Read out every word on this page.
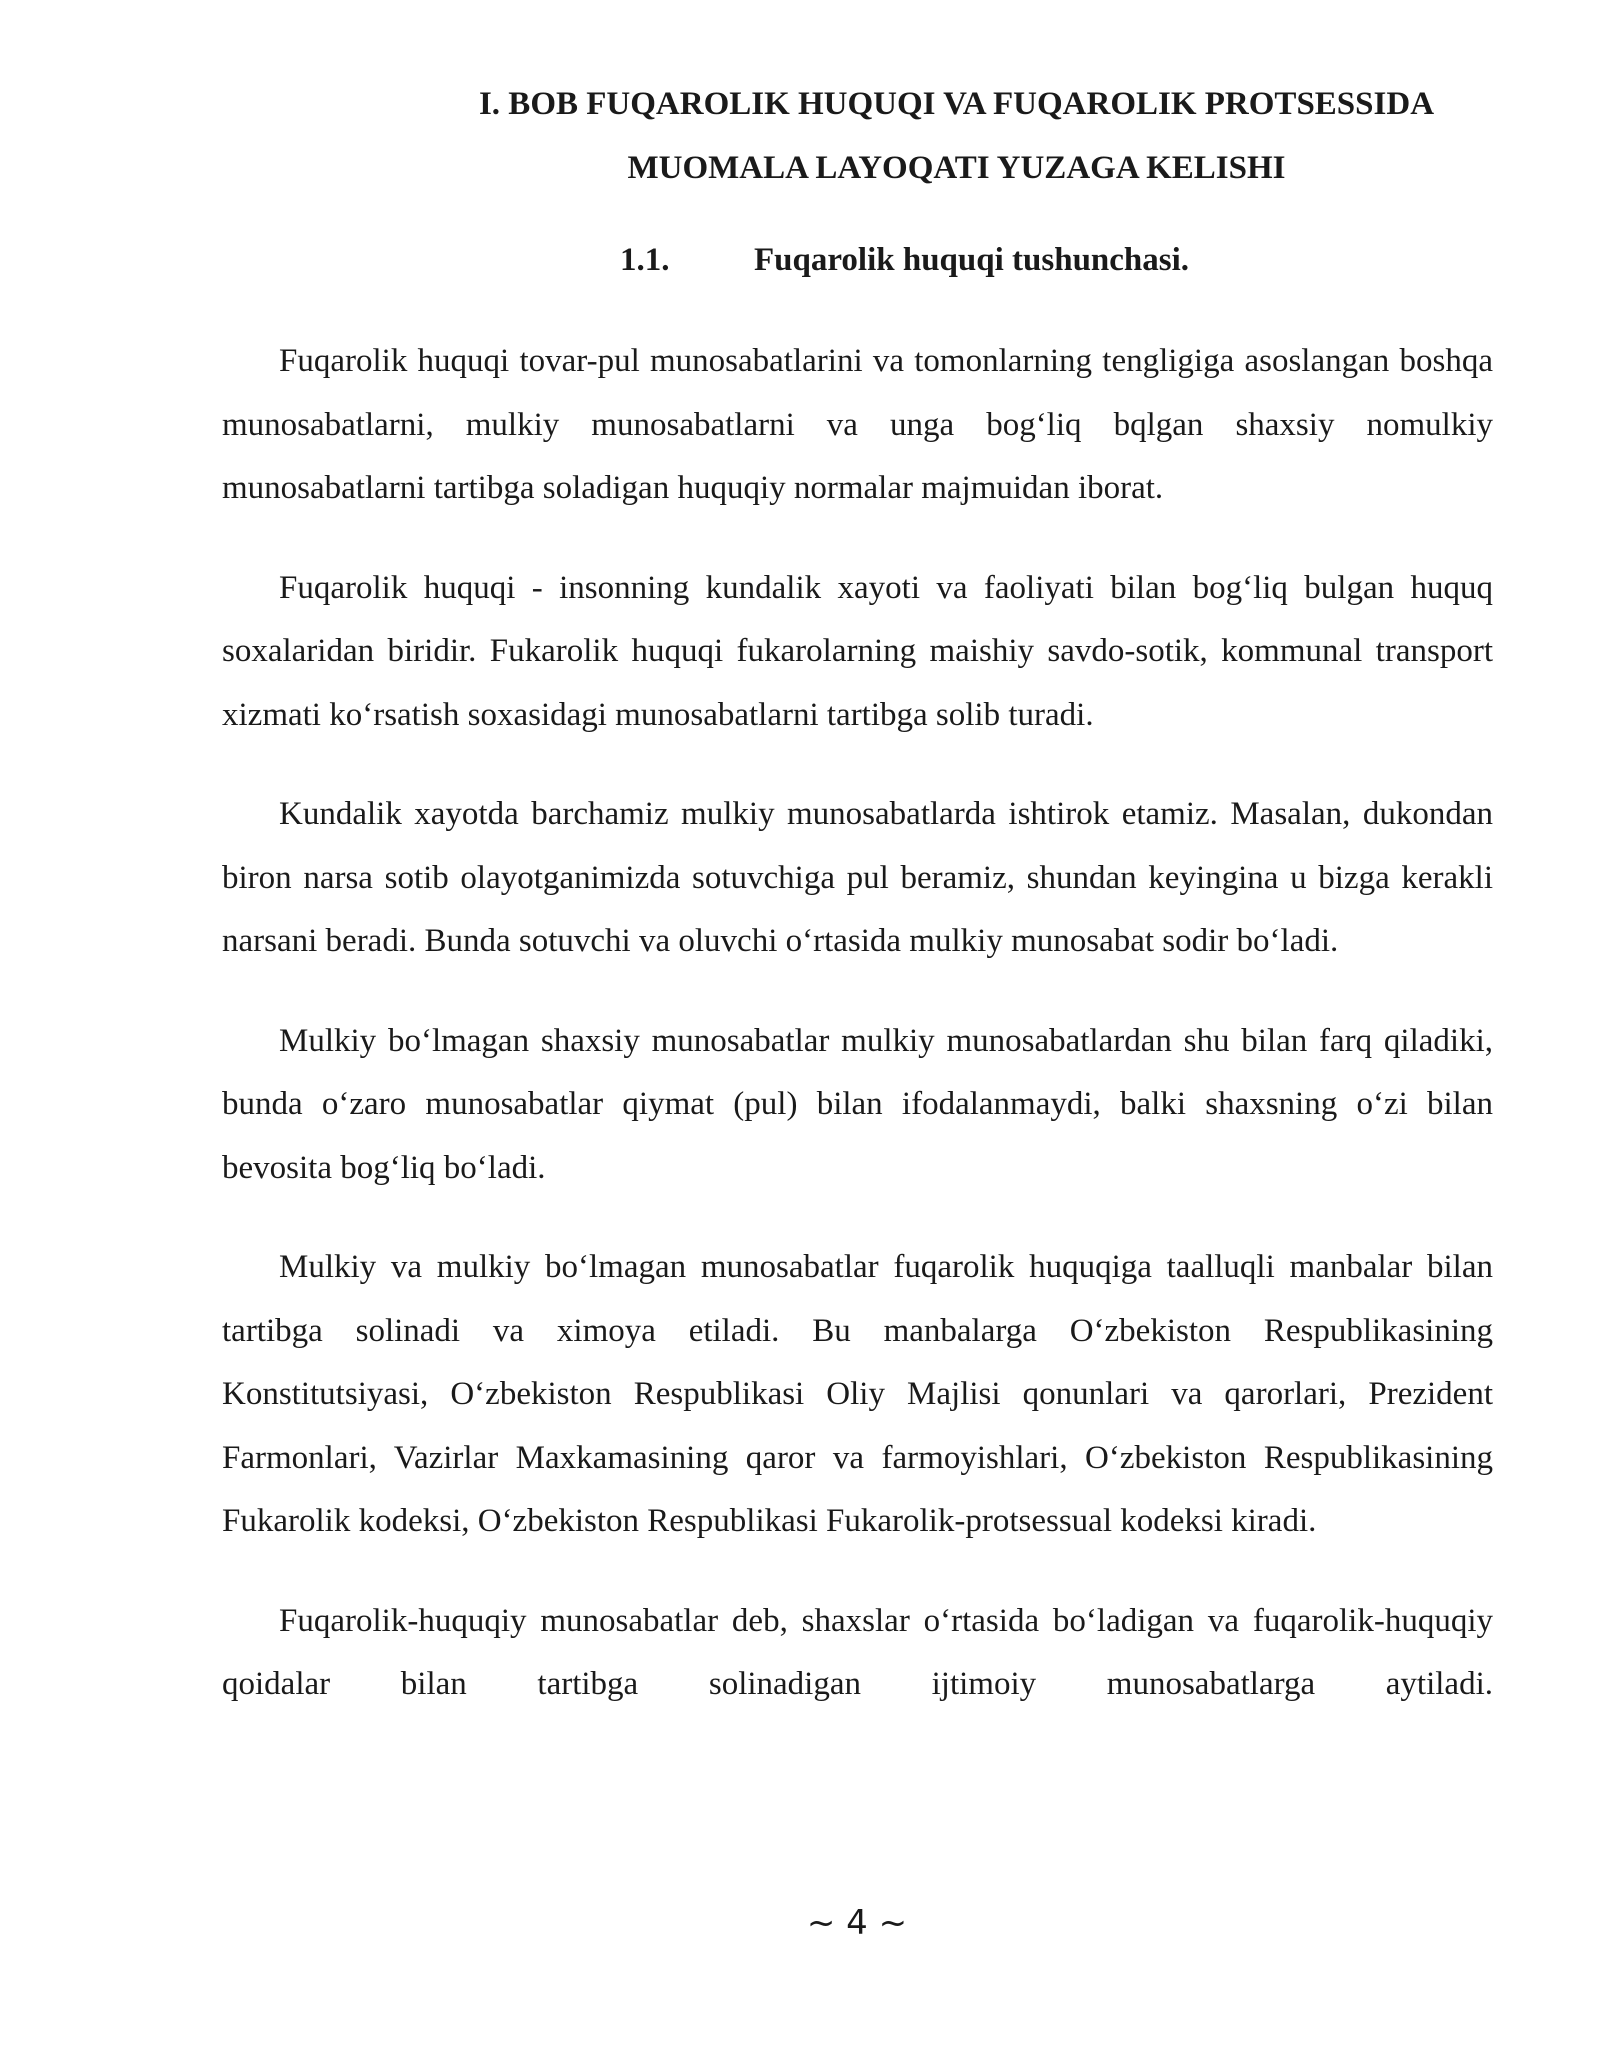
I. BOB FUQAROLIK HUQUQI VA FUQAROLIK PROTSESSIDA
MUOMALA LAYOQATI YUZAGA KELISHI
1.1.	Fuqarolik huquqi tushunchasi.

Fuqarolik huquqi tovar-pul munosabatlarini va tomonlarning tengligiga asoslangan boshqa munosabatlarni, mulkiy munosabatlarni va unga bog‘liq bqlgan shaxsiy nomulkiy munosabatlarni tartibga soladigan huquqiy normalar majmuidan iborat.

Fuqarolik huquqi - insonning kundalik xayoti va faoliyati bilan bog‘liq bulgan huquq soxalaridan biridir. Fukarolik huquqi fukarolarning maishiy savdo-sotik, kommunal transport xizmati ko‘rsatish soxasidagi munosabatlarni tartibga solib turadi.

Kundalik xayotda barchamiz mulkiy munosabatlarda ishtirok etamiz. Masalan, dukondan biron narsa sotib olayotganimizda sotuvchiga pul beramiz, shundan keyingina u bizga kerakli narsani beradi. Bunda sotuvchi va oluvchi o‘rtasida mulkiy munosabat sodir bo‘ladi.

Mulkiy bo‘lmagan shaxsiy munosabatlar mulkiy munosabatlardan shu bilan farq qiladiki, bunda o‘zaro munosabatlar qiymat (pul) bilan ifodalanmaydi, balki shaxsning o‘zi bilan bevosita bog‘liq bo‘ladi.

Mulkiy va mulkiy bo‘lmagan munosabatlar fuqarolik huquqiga taalluqli manbalar bilan tartibga solinadi va ximoya etiladi. Bu manbalarga O‘zbekiston Respublikasining Konstitutsiyasi, O‘zbekiston Respublikasi Oliy Majlisi qonunlari va qarorlari, Prezident Farmonlari, Vazirlar Maxkamasining qaror va farmoyishlari, O‘zbekiston Respublikasining Fukarolik kodeksi, O‘zbekiston Respublikasi Fukarolik-protsessual kodeksi kiradi.

Fuqarolik-huquqiy munosabatlar deb, shaxslar o‘rtasida bo‘ladigan va fuqarolik-huquqiy qoidalar bilan tartibga solinadigan ijtimoiy munosabatlarga aytiladi.

~ 4 ~
